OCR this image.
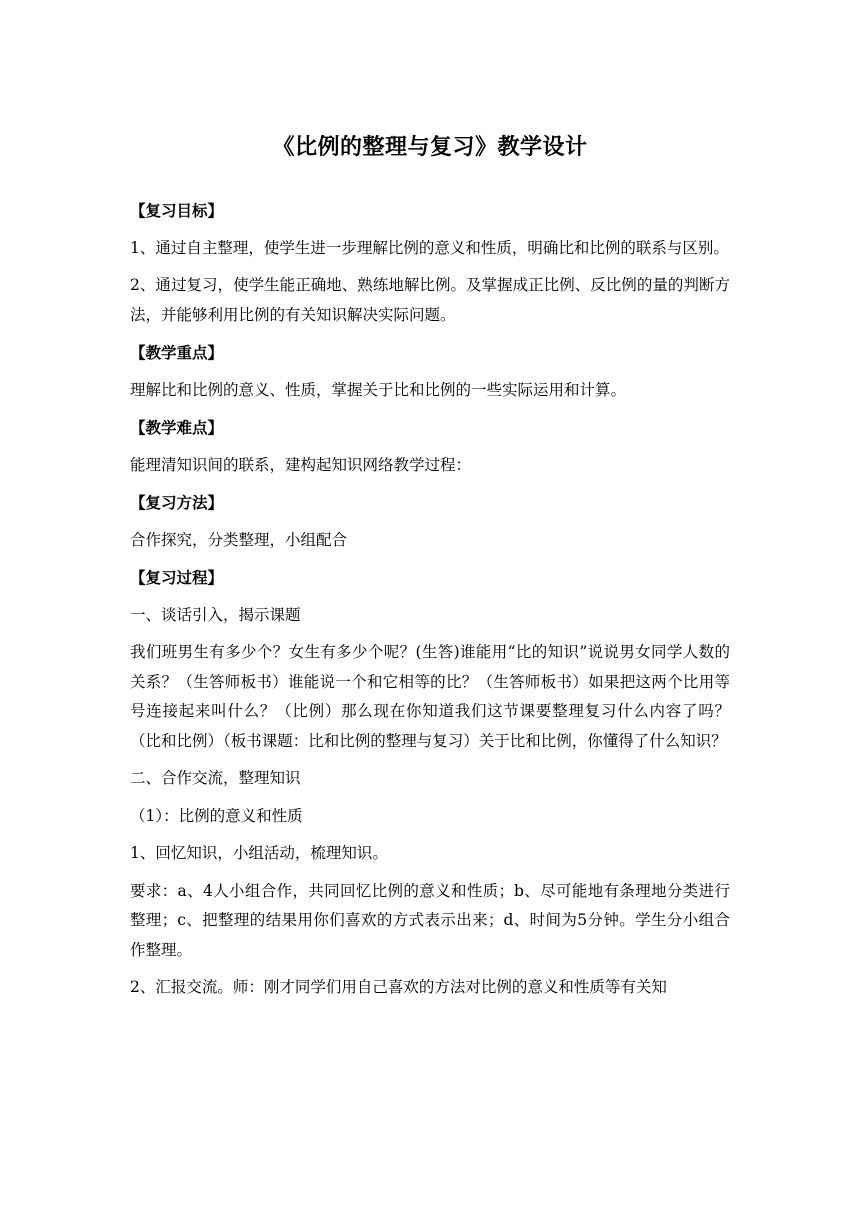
《比例的整理与复习》教学设计

【复习目标】

1、通过自主整理，使学生进一步理解比例的意义和性质，明确比和比例的联系与区别。

2、通过复习，使学生能正确地、熟练地解比例。及掌握成正比例、反比例的量的判断方法，并能够利用比例的有关知识解决实际问题。

【教学重点】

理解比和比例的意义、性质，掌握关于比和比例的一些实际运用和计算。

【教学难点】

能理清知识间的联系，建构起知识网络教学过程：

【复习方法】

合作探究，分类整理，小组配合

【复习过程】

一、谈话引入，揭示课题

我们班男生有多少个？女生有多少个呢？(生答)谁能用“比的知识”说说男女同学人数的关系？（生答师板书）谁能说一个和它相等的比？（生答师板书）如果把这两个比用等号连接起来叫什么？（比例）那么现在你知道我们这节课要整理复习什么内容了吗？（比和比例）（板书课题：比和比例的整理与复习）关于比和比例，你懂得了什么知识？

二、合作交流，整理知识

（1）：比例的意义和性质

1、回忆知识，小组活动，梳理知识。

要求：a、4人小组合作，共同回忆比例的意义和性质；b、尽可能地有条理地分类进行整理；c、把整理的结果用你们喜欢的方式表示出来；d、时间为5分钟。学生分小组合作整理。

2、汇报交流。师：刚才同学们用自己喜欢的方法对比例的意义和性质等有关知
